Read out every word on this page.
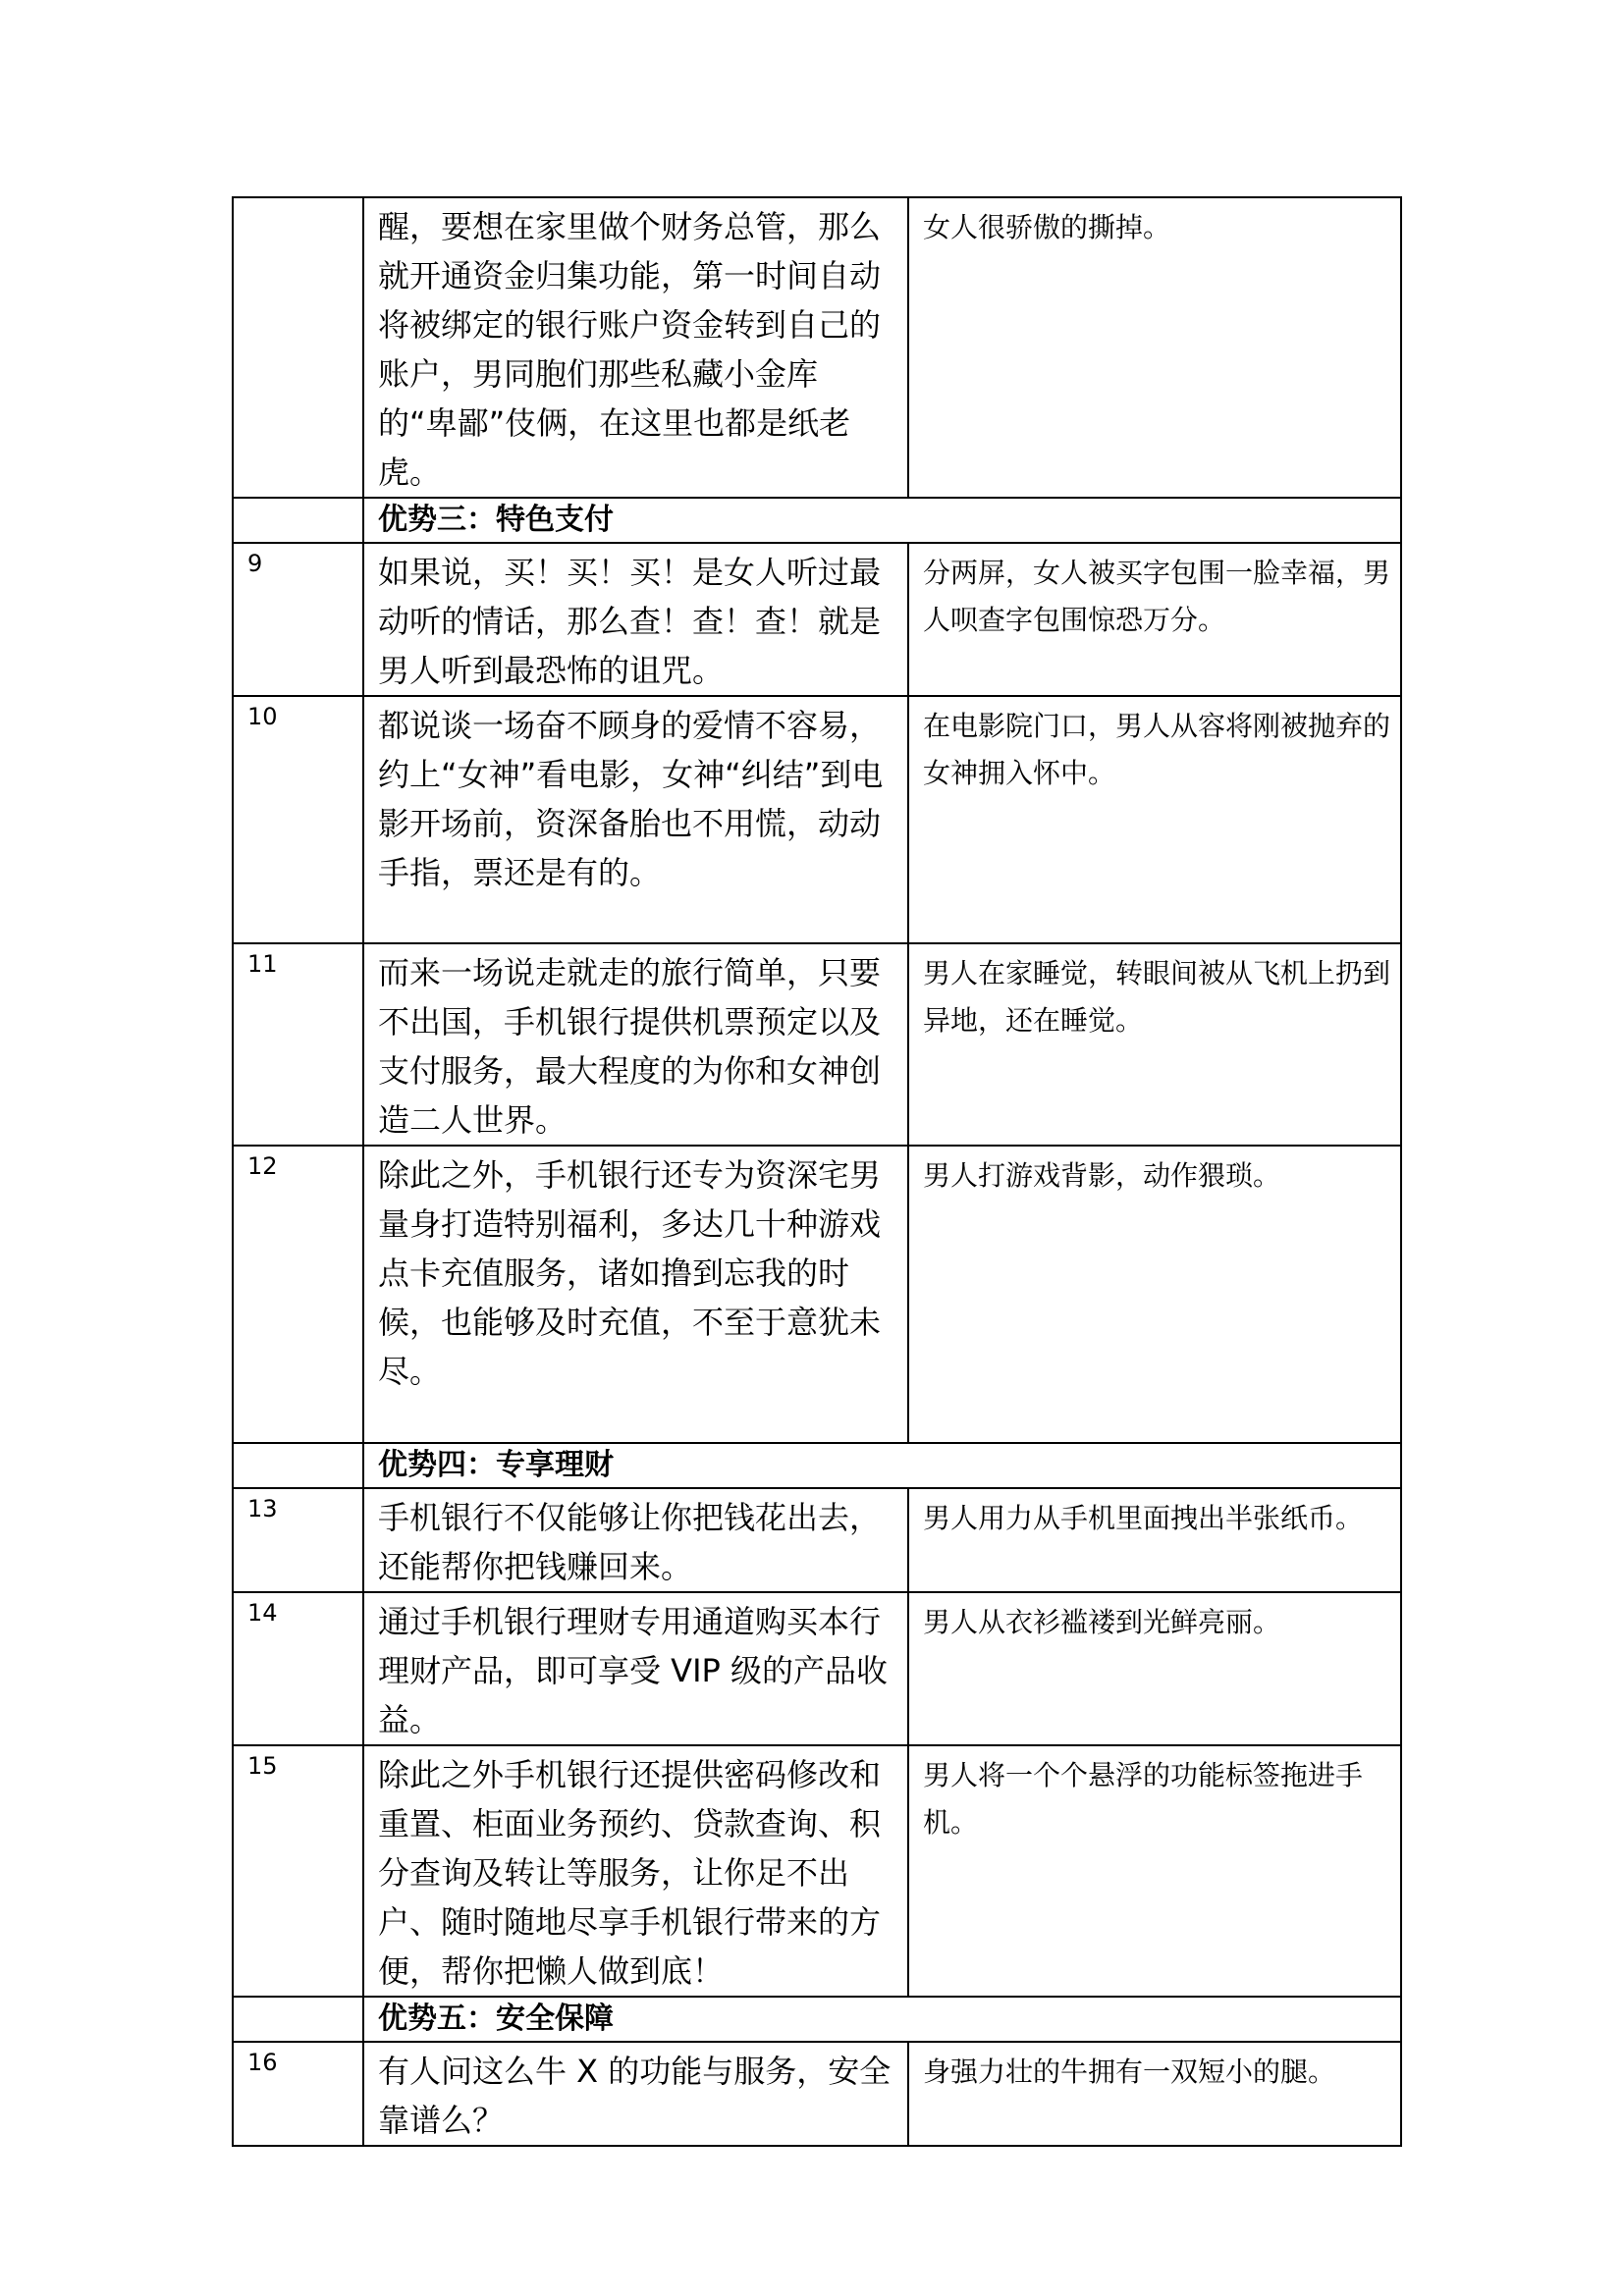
	醒，要想在家里做个财务总管，那么就开通资金归集功能，第一时间自动将被绑定的银行账户资金转到自己的账户，男同胞们那些私藏小金库的“卑鄙”伎俩，在这里也都是纸老虎。	女人很骄傲的撕掉。
	优势三：特色支付	
9	如果说，买！买！买！是女人听过最动听的情话，那么查！查！查！就是男人听到最恐怖的诅咒。	分两屏，女人被买字包围一脸幸福，男人呗查字包围惊恐万分。
10	都说谈一场奋不顾身的爱情不容易，约上“女神”看电影，女神“纠结”到电影开场前，资深备胎也不用慌，动动手指，票还是有的。	在电影院门口，男人从容将刚被抛弃的女神拥入怀中。
11	而来一场说走就走的旅行简单，只要不出国，手机银行提供机票预定以及支付服务，最大程度的为你和女神创造二人世界。	男人在家睡觉，转眼间被从飞机上扔到异地，还在睡觉。
12	除此之外，手机银行还专为资深宅男量身打造特别福利，多达几十种游戏点卡充值服务，诸如撸到忘我的时候，也能够及时充值，不至于意犹未尽。	男人打游戏背影，动作猥琐。
	优势四：专享理财	
13	手机银行不仅能够让你把钱花出去，还能帮你把钱赚回来。	男人用力从手机里面拽出半张纸币。
14	通过手机银行理财专用通道购买本行理财产品，即可享受 VIP 级的产品收益。	男人从衣衫褴褛到光鲜亮丽。
15	除此之外手机银行还提供密码修改和重置、柜面业务预约、贷款查询、积分查询及转让等服务，让你足不出户、随时随地尽享手机银行带来的方便，帮你把懒人做到底！	男人将一个个悬浮的功能标签拖进手机。
	优势五：安全保障	
16	有人问这么牛 X 的功能与服务，安全靠谱么？	身强力壮的牛拥有一双短小的腿。
